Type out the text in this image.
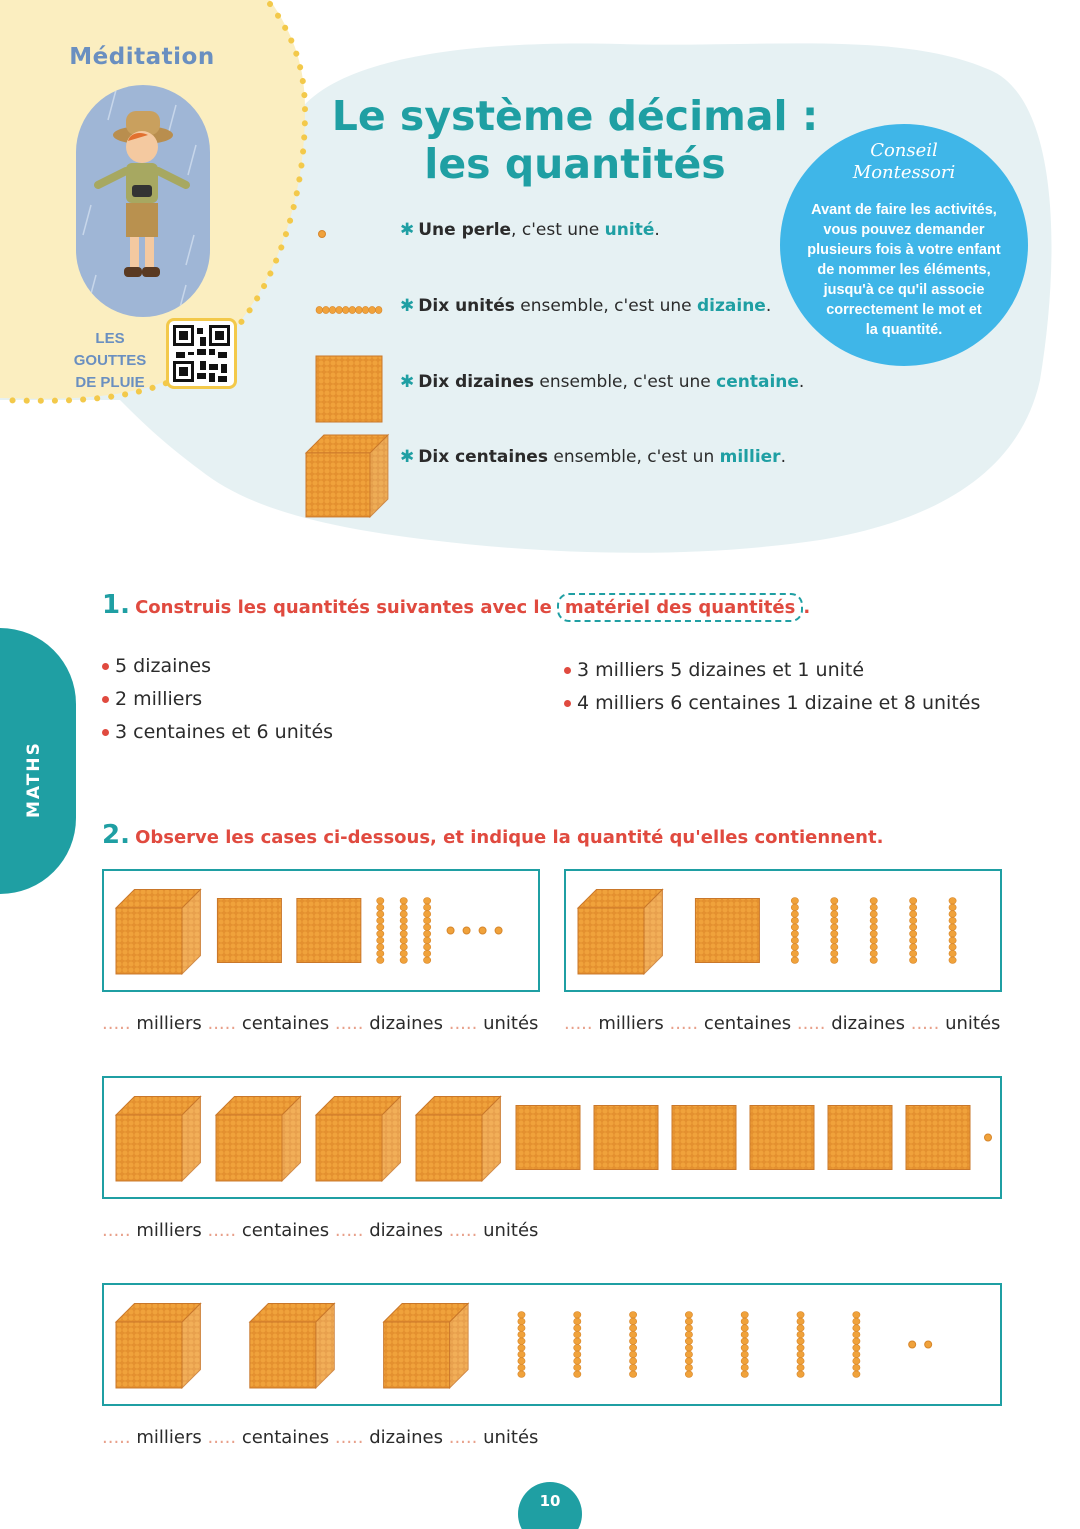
Méditation
LES GOUTTES
DE PLUIE
Le système décimal :
les quantités	Conseil
Montessori
Avant de faire les activités,
vous pouvez demander
plusieurs fois à votre enfant
de nommer les éléments,
jusqu'à ce qu'il associe
correctement le mot et
la quantité.
✱ Une perle, c'est une unité.
✱ Dix unités ensemble, c'est une dizaine.
✱ Dix dizaines ensemble, c'est une centaine.
✱ Dix centaines ensemble, c'est un millier.
1. Construis les quantités suivantes avec le matériel des quantités .
5 dizaines
2 milliers
3 centaines et 6 unités
3 milliers 5 dizaines et 1 unité
4 milliers 6 centaines 1 dizaine et 8 unités
MATHS
2. Observe les cases ci-dessous, et indique la quantité qu'elles contiennent.
..... milliers ..... centaines ..... dizaines ..... unités ..... milliers ..... centaines ..... dizaines ..... unités
..... milliers ..... centaines ..... dizaines ..... unités
..... milliers ..... centaines ..... dizaines ..... unités
10
